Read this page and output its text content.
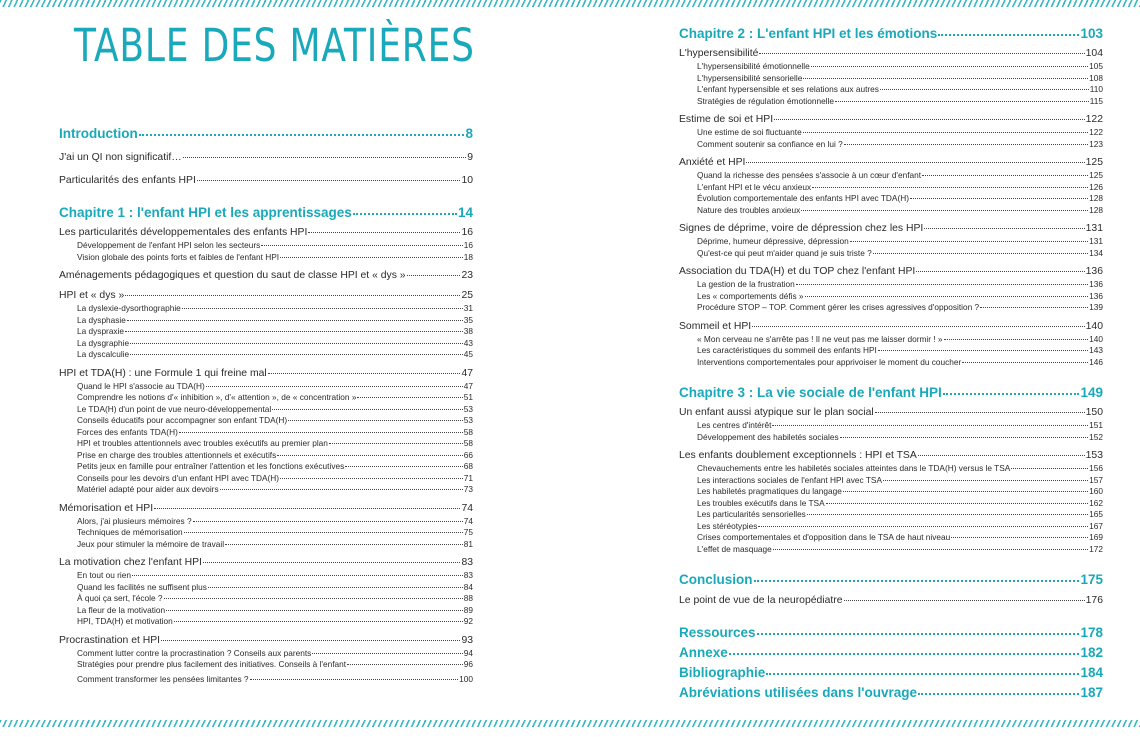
TABLE DES MATIÈRES
Introduction	8
J'ai un QI non significatif…	9
Particularités des enfants HPI	10
Chapitre 1 : l'enfant HPI et les apprentissages	14
Les particularités développementales des enfants HPI	16
Développement de l'enfant HPI selon les secteurs	16
Vision globale des points forts et faibles de l'enfant HPI	18
Aménagements pédagogiques et question du saut de classe HPI et « dys »	23
HPI et « dys »	25
La dyslexie-dysorthographie	31
La dysphasie	35
La dyspraxie	38
La dysgraphie	43
La dyscalculie	45
HPI et TDA(H) : une Formule 1 qui freine mal	47
Quand le HPI s'associe au TDA(H)	47
Comprendre les notions d'« inhibition », d'« attention », de « concentration »	51
Le TDA(H) d'un point de vue neuro-développemental	53
Conseils éducatifs pour accompagner son enfant TDA(H)	53
Forces des enfants TDA(H)	58
HPI et troubles attentionnels avec troubles exécutifs au premier plan	58
Prise en charge des troubles attentionnels et exécutifs	66
Petits jeux en famille pour entraîner l'attention et les fonctions exécutives	68
Conseils pour les devoirs d'un enfant HPI avec TDA(H)	71
Matériel adapté pour aider aux devoirs	73
Mémorisation et HPI	74
Alors, j'ai plusieurs mémoires ?	74
Techniques de mémorisation	75
Jeux pour stimuler la mémoire de travail	81
La motivation chez l'enfant HPI	83
En tout ou rien	83
Quand les facilités ne suffisent plus	84
À quoi ça sert, l'école ?	88
La fleur de la motivation	89
HPI, TDA(H) et motivation	92
Procrastination et HPI	93
Comment lutter contre la procrastination ? Conseils aux parents	94
Stratégies pour prendre plus facilement des initiatives. Conseils à l'enfant	96
Comment transformer les pensées limitantes ?	100
Chapitre 2 : L'enfant HPI et les émotions	103
L'hypersensibilité	104
L'hypersensibilité émotionnelle	105
L'hypersensibilité sensorielle	108
L'enfant hypersensible et ses relations aux autres	110
Stratégies de régulation émotionnelle	115
Estime de soi et HPI	122
Une estime de soi fluctuante	122
Comment soutenir sa confiance en lui ?	123
Anxiété et HPI	125
Quand la richesse des pensées s'associe à un cœur d'enfant	125
L'enfant HPI et le vécu anxieux	126
Évolution comportementale des enfants HPI avec TDA(H)	128
Nature des troubles anxieux	128
Signes de déprime, voire de dépression chez les HPI	131
Déprime, humeur dépressive, dépression	131
Qu'est-ce qui peut m'aider quand je suis triste ?	134
Association du TDA(H) et du TOP chez l'enfant HPI	136
La gestion de la frustration	136
Les « comportements défis »	136
Procédure STOP – TOP. Comment gérer les crises agressives d'opposition ?	139
Sommeil et HPI	140
« Mon cerveau ne s'arrête pas ! Il ne veut pas me laisser dormir ! »	140
Les caractéristiques du sommeil des enfants HPI	143
Interventions comportementales pour apprivoiser le moment du coucher	146
Chapitre 3 : La vie sociale de l'enfant HPI	149
Un enfant aussi atypique sur le plan social	150
Les centres d'intérêt	151
Développement des habiletés sociales	152
Les enfants doublement exceptionnels : HPI et TSA	153
Chevauchements entre les habiletés sociales atteintes dans le TDA(H) versus le TSA	156
Les interactions sociales de l'enfant HPI avec TSA	157
Les habiletés pragmatiques du langage	160
Les troubles exécutifs dans le TSA	162
Les particularités sensorielles	165
Les stéréotypies	167
Crises comportementales et d'opposition dans le TSA de haut niveau	169
L'effet de masquage	172
Conclusion	175
Le point de vue de la neuropédiatre	176
Ressources	178
Annexe	182
Bibliographie	184
Abréviations utilisées dans l'ouvrage	187
